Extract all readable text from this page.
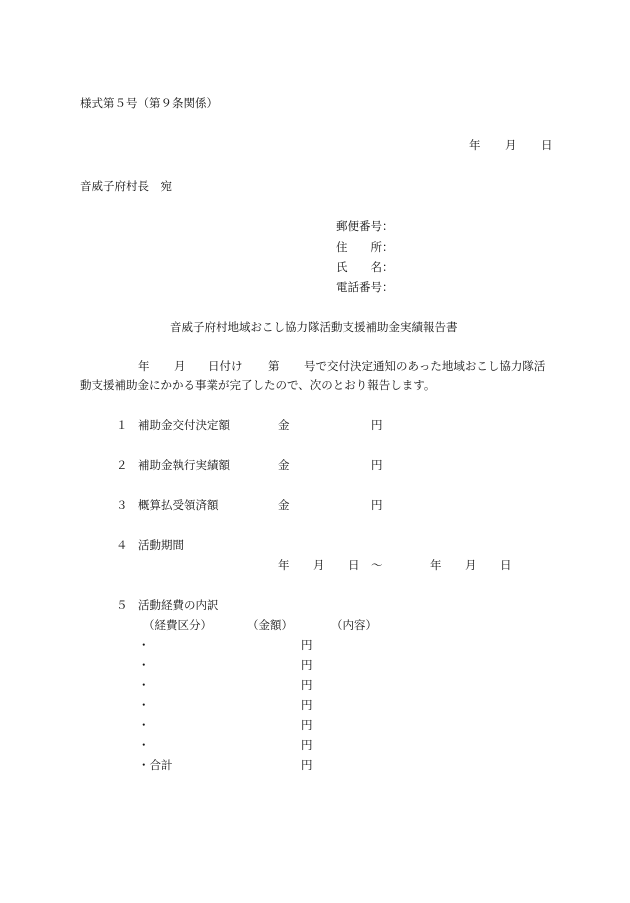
様式第５号（第９条関係）
年 月 日
音威子府村長　宛
郵便番号：
住　　所：
氏　　名：
電話番号：
音威子府村地域おこし協力隊活動支援補助金実績報告書
年 月 日付け 第 号で交付決定通知のあった地域おこし協力隊活
動支援補助金にかかる事業が完了したので、次のとおり報告します。
１ 補助金交付決定額	金	円
２ 補助金執行実績額	金	円
３ 概算払受領済額	金	円
４ 活動期間
年 月 日 ～	年 月 日
５ 活動経費の内訳
（経費区分）	（金額）	（内容）
・	円
・	円
・	円
・	円
・	円
・	円
・合計	円
